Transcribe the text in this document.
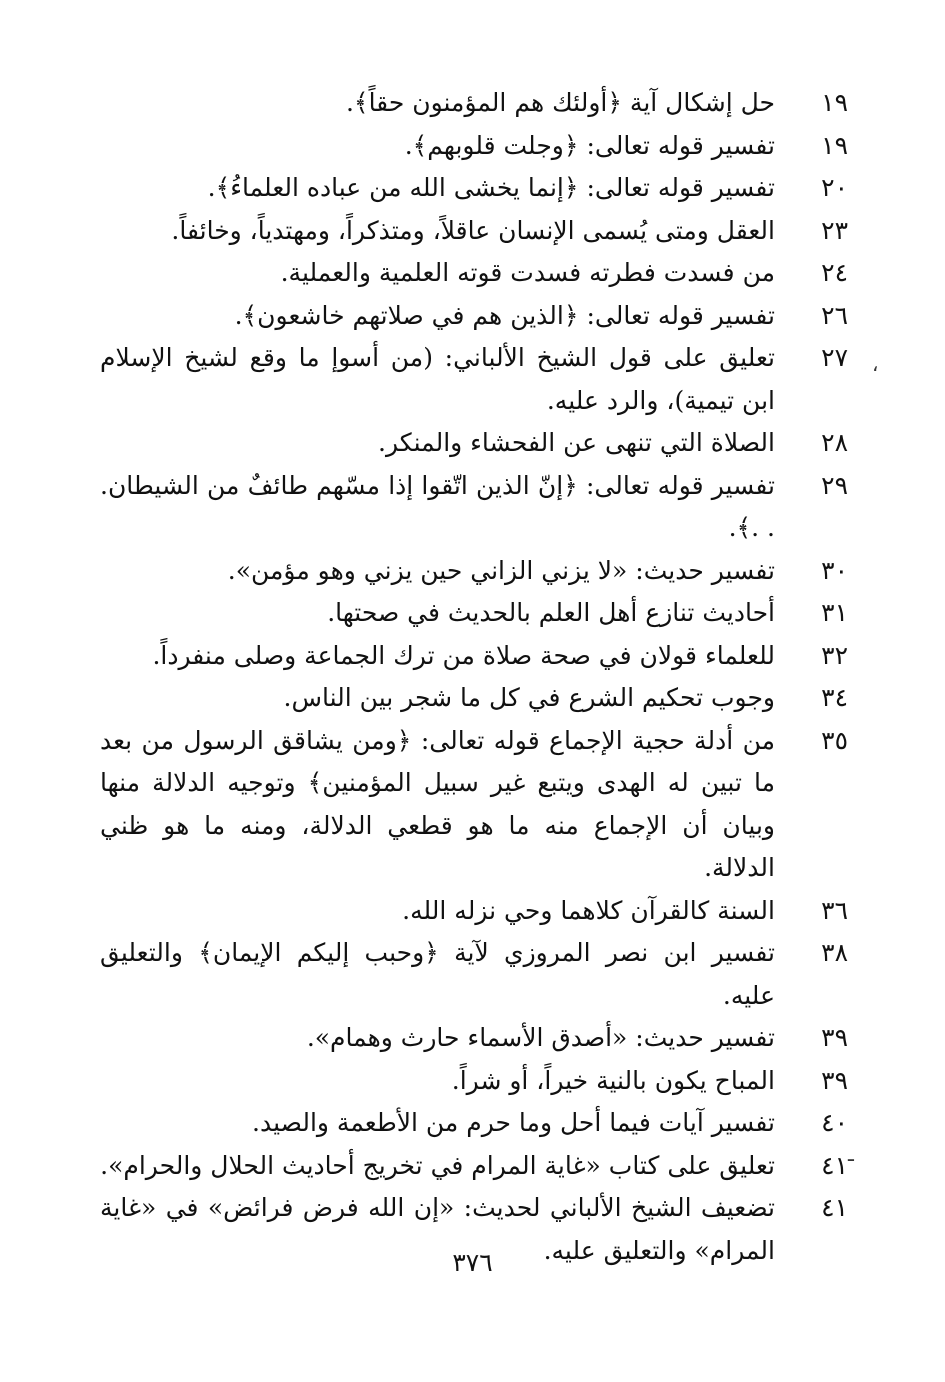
١٩
حل إشكال آية ﴿أولئك هم المؤمنون حقاً﴾.
١٩
تفسير قوله تعالى: ﴿وجلت قلوبهم﴾.
٢٠
تفسير قوله تعالى: ﴿إنما يخشى الله من عباده العلماءُ﴾.
٢٣
العقل ومتى يُسمى الإنسان عاقلاً، ومتذكراً، ومهتدياً، وخائفاً.
٢٤
من فسدت فطرته فسدت قوته العلمية والعملية.
٢٦
تفسير قوله تعالى: ﴿الذين هم في صلاتهم خاشعون﴾.
٢٧
تعليق على قول الشيخ الألباني: (من أسوإ ما وقع لشيخ الإسلام ابن تيمية)، والرد عليه.
٢٨
الصلاة التي تنهى عن الفحشاء والمنكر.
٢٩
تفسير قوله تعالى: ﴿إنّ الذين اتّقوا إذا مسّهم طائفٌ من الشيطان. . .﴾.
٣٠
تفسير حديث: «لا يزني الزاني حين يزني وهو مؤمن».
٣١
أحاديث تنازع أهل العلم بالحديث في صحتها.
٣٢
للعلماء قولان في صحة صلاة من ترك الجماعة وصلى منفرداً.
٣٤
وجوب تحكيم الشرع في كل ما شجر بين الناس.
٣٥
من أدلة حجية الإجماع قوله تعالى: ﴿ومن يشاقق الرسول من بعد ما تبين له الهدى ويتبع غير سبيل المؤمنين﴾ وتوجيه الدلالة منها وبيان أن الإجماع منه ما هو قطعي الدلالة، ومنه ما هو ظني الدلالة.
٣٦
السنة كالقرآن كلاهما وحي نزله الله.
٣٨
تفسير ابن نصر المروزي لآية ﴿وحبب إليكم الإيمان﴾ والتعليق عليه.
٣٩
تفسير حديث: «أصدق الأسماء حارث وهمام».
٣٩
المباح يكون بالنية خيراً، أو شراً.
٤٠
تفسير آيات فيما أحل وما حرم من الأطعمة والصيد.
٤١
تعليق على كتاب «غاية المرام في تخريج أحاديث الحلال والحرام».
٤١
تضعيف الشيخ الألباني لحديث: «إن الله فرض فرائض» في «غاية المرام» والتعليق عليه.
،
ـ
٣٧٦
